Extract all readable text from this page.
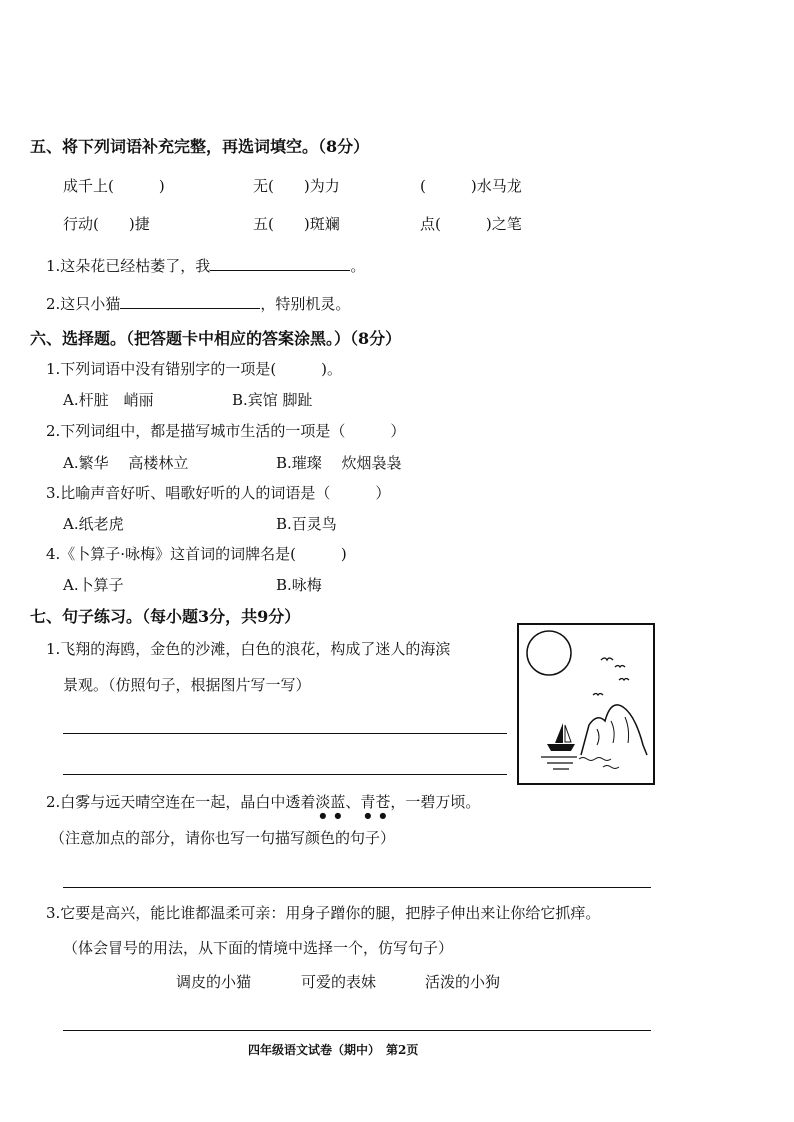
五、将下列词语补充完整，再选词填空。（8分）
成千上(　　　)	无(　　)为力	(　　　)水马龙
行动(　　)捷	五(　　)斑斓	点(　　　)之笔
1.这朵花已经枯萎了，我	。
2.这只小猫	，特别机灵。
六、选择题。（把答题卡中相应的答案涂黑。）（8分）
1.下列词语中没有错别字的一项是(　　　)。
A.杆脏　峭丽	B.宾馆 脚趾
2.下列词组中，都是描写城市生活的一项是（　　　）
A.繁华　 高楼林立	B.璀璨　 炊烟袅袅
3.比喻声音好听、唱歌好听的人的词语是（　　　）
A.纸老虎	B.百灵鸟
4.《卜算子·咏梅》这首词的词牌名是(　　　)
A.卜算子	B.咏梅
七、句子练习。（每小题3分，共9分）
1.飞翔的海鸥，金色的沙滩，白色的浪花，构成了迷人的海滨
景观。（仿照句子，根据图片写一写）
2.白雾与远天晴空连在一起，晶白中透着淡蓝、青苍，一碧万顷。
（注意加点的部分，请你也写一句描写颜色的句子）
3.它要是高兴，能比谁都温柔可亲：用身子蹭你的腿，把脖子伸出来让你给它抓痒。
（体会冒号的用法，从下面的情境中选择一个，仿写句子）
调皮的小猫	可爱的表妹	活泼的小狗
四年级语文试卷（期中）　第2页
